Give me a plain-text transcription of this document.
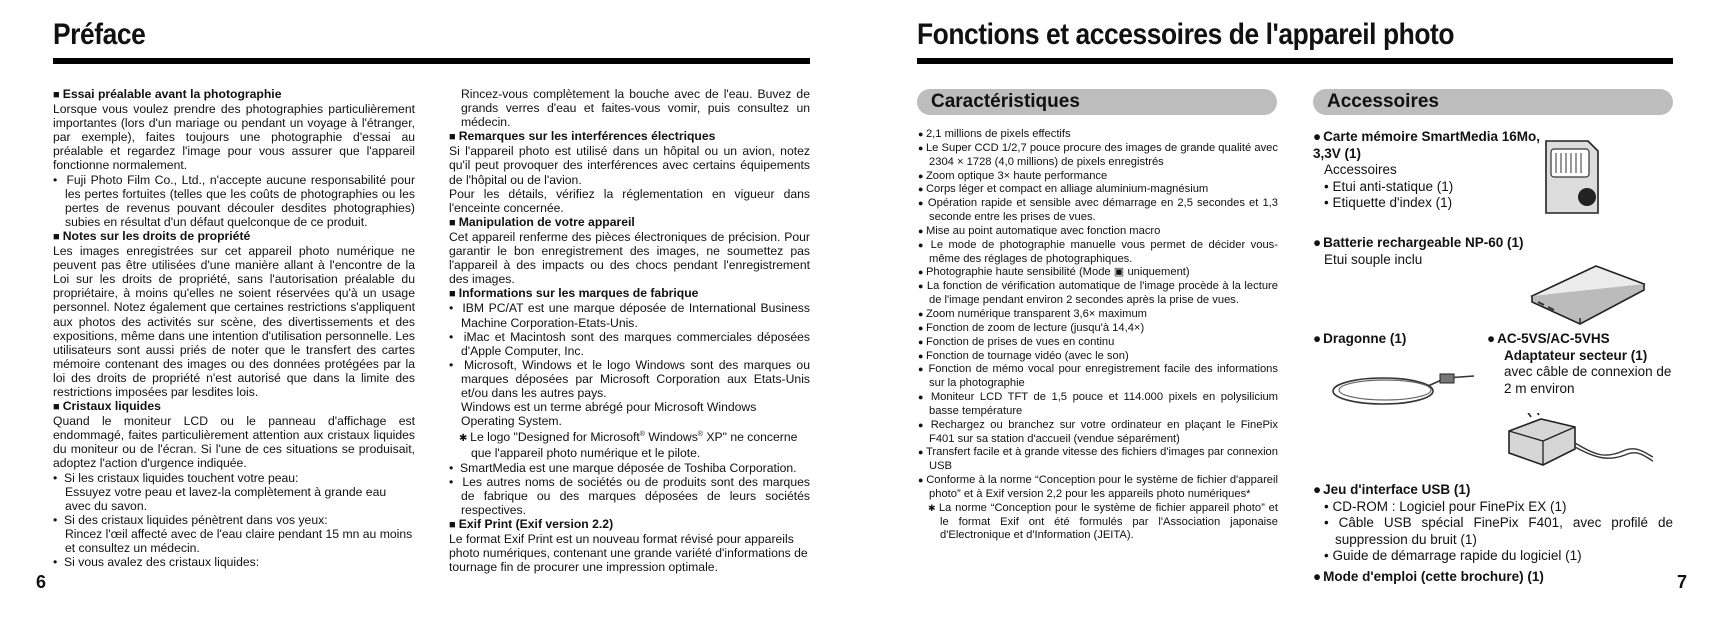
Préface

■ Essai préalable avant la photographie

Lorsque vous voulez prendre des photographies particulièrement importantes (lors d'un mariage ou pendant un voyage à l'étranger, par exemple), faites toujours une photographie d'essai au préalable et regardez l'image pour vous assurer que l'appareil fonctionne normalement.

•  Fuji Photo Film Co., Ltd., n'accepte aucune responsabilité pour les pertes fortuites (telles que les coûts de photographies ou les pertes de revenus pouvant découler desdites photographies) subies en résultat d'un défaut quelconque de ce produit.

■ Notes sur les droits de propriété

Les images enregistrées sur cet appareil photo numérique ne peuvent pas être utilisées d'une manière allant à l'encontre de la Loi sur les droits de propriété, sans l'autorisation préalable du propriétaire, à moins qu'elles ne soient réservées qu'à un usage personnel. Notez également que certaines restrictions s'appliquent aux photos des activités sur scène, des divertissements et des expositions, même dans une intention d'utilisation personnelle. Les utilisateurs sont aussi priés de noter que le transfert des cartes mémoire contenant des images ou des données protégées par la loi des droits de propriété n'est autorisé que dans la limite des restrictions imposées par lesdites lois.

■ Cristaux liquides

Quand le moniteur LCD ou le panneau d'affichage est endommagé, faites particulièrement attention aux cristaux liquides du moniteur ou de l'écran. Si l'une de ces situations se produisait, adoptez l'action d'urgence indiquée.

•  Si les cristaux liquides touchent votre peau:

Essuyez votre peau et lavez-la complètement à grande eau avec du savon.

•  Si des cristaux liquides pénètrent dans vos yeux:

Rincez l'œil affecté avec de l'eau claire pendant 15 mn au moins et consultez un médecin.

•  Si vous avalez des cristaux liquides:

6

Rincez-vous complètement la bouche avec de l'eau. Buvez de grands verres d'eau et faites-vous vomir, puis consultez un médecin.

■ Remarques sur les interférences électriques

Si l'appareil photo est utilisé dans un hôpital ou un avion, notez qu'il peut provoquer des interférences avec certains équipements de l'hôpital ou de l'avion.

Pour les détails, vérifiez la réglementation en vigueur dans l'enceinte concernée.

■ Manipulation de votre appareil

Cet appareil renferme des pièces électroniques de précision. Pour garantir le bon enregistrement des images, ne soumettez pas l'appareil à des impacts ou des chocs pendant l'enregistrement des images.

■ Informations sur les marques de fabrique

•  IBM PC/AT est une marque déposée de International Business Machine Corporation-Etats-Unis.

•  iMac et Macintosh sont des marques commerciales déposées d'Apple Computer, Inc.

•  Microsoft, Windows et le logo Windows sont des marques ou marques déposées par Microsoft Corporation aux Etats-Unis et/ou dans les autres pays.

Windows est un terme abrégé pour Microsoft Windows Operating System.

✱ Le logo "Designed for Microsoft® Windows® XP" ne concerne que l'appareil photo numérique et le pilote.

•  SmartMedia est une marque déposée de Toshiba Corporation.

•  Les autres noms de sociétés ou de produits sont des marques de fabrique ou des marques déposées de leurs sociétés respectives.

■ Exif Print (Exif version 2.2)

Le format Exif Print est un nouveau format révisé pour appareils photo numériques, contenant une grande variété d'informations de tournage fin de procurer une impression optimale.

Fonctions et accessoires de l'appareil photo
Caractéristiques	Accessoires
● 2,1 millions de pixels effectifs
● Le Super CCD 1/2,7 pouce procure des images de grande qualité avec 2304 × 1728 (4,0 millions) de pixels enregistrés
● Zoom optique 3× haute performance
● Corps léger et compact en alliage aluminium-magnésium
● Opération rapide et sensible avec démarrage en 2,5 secondes et 1,3 seconde entre les prises de vues.
● Mise au point automatique avec fonction macro
● Le mode de photographie manuelle vous permet de décider vous-même des réglages de photographiques.
● Photographie haute sensibilité (Mode ▣ uniquement)
● La fonction de vérification automatique de l'image procède à la lecture de l'image pendant environ 2 secondes après la prise de vues.
● Zoom numérique transparent 3,6× maximum
● Fonction de zoom de lecture (jusqu'à 14,4×)
● Fonction de prises de vues en continu
● Fonction de tournage vidéo (avec le son)
● Fonction de mémo vocal pour enregistrement facile des informations sur la photographie
● Moniteur LCD TFT de 1,5 pouce et 114.000 pixels en polysilicium basse température
● Rechargez ou branchez sur votre ordinateur en plaçant le FinePix F401 sur sa station d'accueil (vendue séparément)
● Transfert facile et à grande vitesse des fichiers d'images par connexion USB
● Conforme à la norme “Conception pour le système de fichier d'appareil photo” et à Exif version 2,2 pour les appareils photo numériques*
✱ La norme “Conception pour le système de fichier appareil photo” et le format Exif ont été formulés par l'Association japonaise d'Electronique et d'Information (JEITA).
● Carte mémoire SmartMedia 16Mo, 3,3V (1)
Accessoires
• Etui anti-statique (1)
• Etiquette d'index (1)
● Batterie rechargeable NP-60 (1)
Etui souple inclu
● Dragonne (1)
●	AC-5VS/AC-5VHS
Adaptateur secteur (1)
avec câble de connexion de 2 m environ
● Jeu d'interface USB (1)
• CD-ROM : Logiciel pour FinePix EX (1)
• Câble USB spécial FinePix F401, avec profilé de suppression du bruit (1)
• Guide de démarrage rapide du logiciel (1)
● Mode d'emploi (cette brochure) (1)	7
